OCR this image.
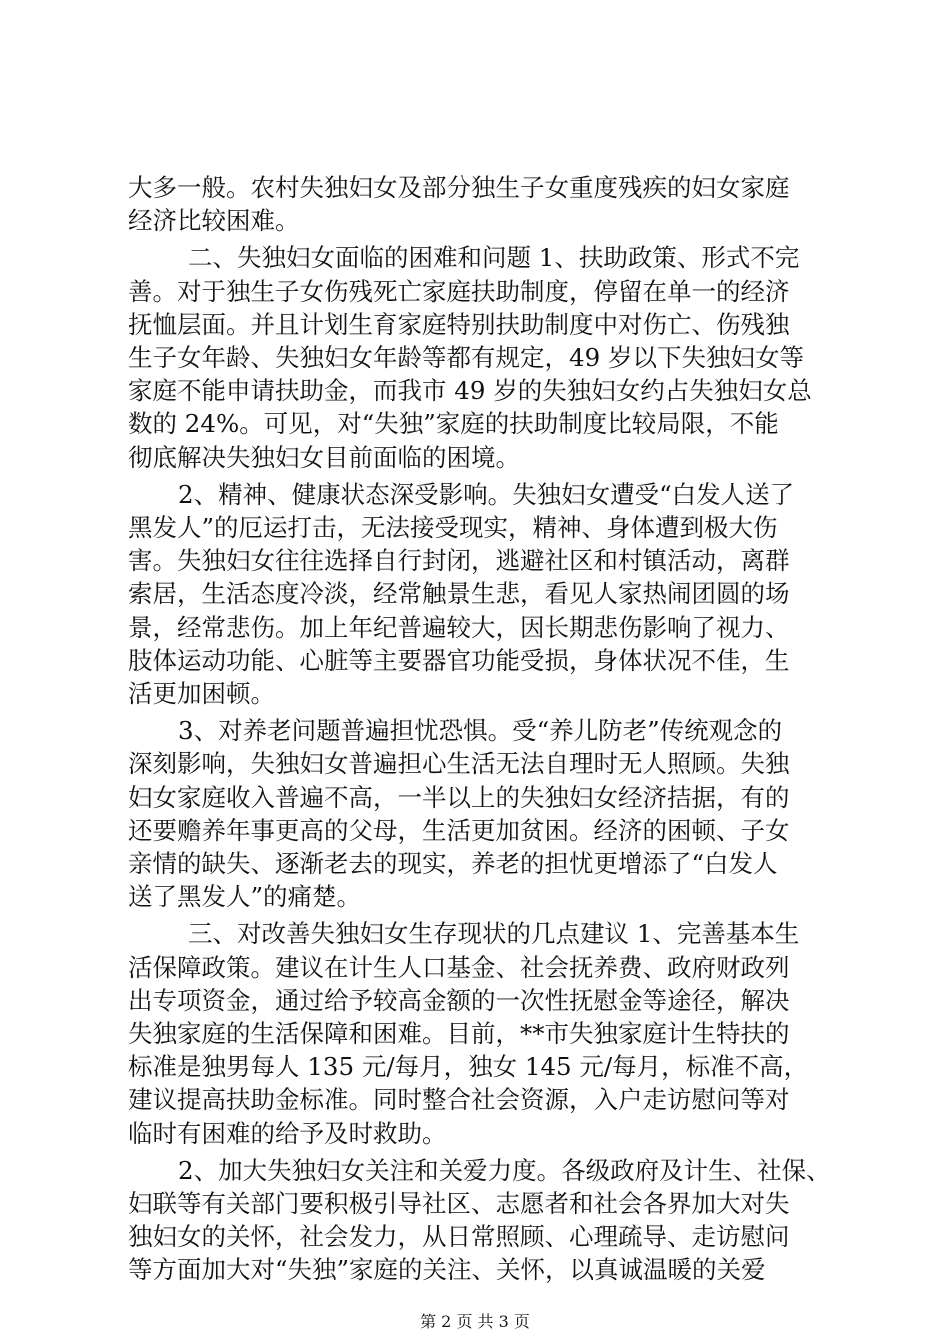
大多一般。农村失独妇女及部分独生子女重度残疾的妇女家庭
经济比较困难。
二、失独妇女面临的困难和问题 1、扶助政策、形式不完
善。对于独生子女伤残死亡家庭扶助制度，停留在单一的经济
抚恤层面。并且计划生育家庭特别扶助制度中对伤亡、伤残独
生子女年龄、失独妇女年龄等都有规定，49 岁以下失独妇女等
家庭不能申请扶助金，而我市 49 岁的失独妇女约占失独妇女总
数的 24%。可见，对“失独”家庭的扶助制度比较局限，不能
彻底解决失独妇女目前面临的困境。
2、精神、健康状态深受影响。失独妇女遭受“白发人送了
黑发人”的厄运打击，无法接受现实，精神、身体遭到极大伤
害。失独妇女往往选择自行封闭，逃避社区和村镇活动，离群
索居，生活态度冷淡，经常触景生悲，看见人家热闹团圆的场
景，经常悲伤。加上年纪普遍较大，因长期悲伤影响了视力、
肢体运动功能、心脏等主要器官功能受损，身体状况不佳，生
活更加困顿。
3、对养老问题普遍担忧恐惧。受“养儿防老”传统观念的
深刻影响，失独妇女普遍担心生活无法自理时无人照顾。失独
妇女家庭收入普遍不高，一半以上的失独妇女经济拮据，有的
还要赡养年事更高的父母，生活更加贫困。经济的困顿、子女
亲情的缺失、逐渐老去的现实，养老的担忧更增添了“白发人
送了黑发人”的痛楚。
三、对改善失独妇女生存现状的几点建议 1、完善基本生
活保障政策。建议在计生人口基金、社会抚养费、政府财政列
出专项资金，通过给予较高金额的一次性抚慰金等途径，解决
失独家庭的生活保障和困难。目前，**市失独家庭计生特扶的
标准是独男每人 135 元/每月，独女 145 元/每月，标准不高，
建议提高扶助金标准。同时整合社会资源，入户走访慰问等对
临时有困难的给予及时救助。
2、加大失独妇女关注和关爱力度。各级政府及计生、社保、
妇联等有关部门要积极引导社区、志愿者和社会各界加大对失
独妇女的关怀，社会发力，从日常照顾、心理疏导、走访慰问
等方面加大对“失独”家庭的关注、关怀，以真诚温暖的关爱
第 2 页 共 3 页
